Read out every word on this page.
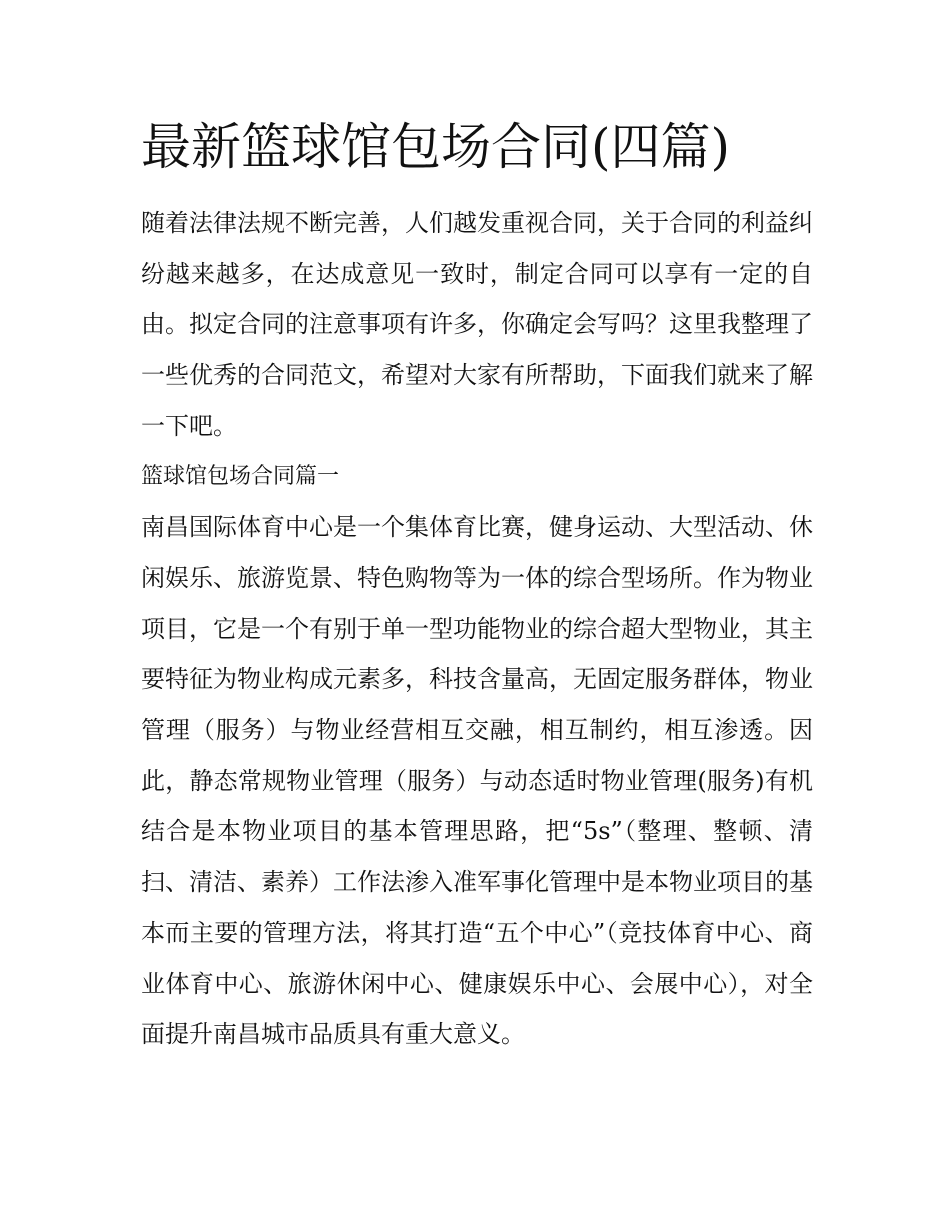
最新篮球馆包场合同(四篇)

随着法律法规不断完善，人们越发重视合同，关于合同的利益纠纷越来越多，在达成意见一致时，制定合同可以享有一定的自由。拟定合同的注意事项有许多，你确定会写吗？这里我整理了一些优秀的合同范文，希望对大家有所帮助，下面我们就来了解一下吧。

篮球馆包场合同篇一

南昌国际体育中心是一个集体育比赛，健身运动、大型活动、休闲娱乐、旅游览景、特色购物等为一体的综合型场所。作为物业项目，它是一个有别于单一型功能物业的综合超大型物业，其主要特征为物业构成元素多，科技含量高，无固定服务群体，物业管理（服务）与物业经营相互交融，相互制约，相互渗透。因此，静态常规物业管理（服务）与动态适时物业管理(服务)有机结合是本物业项目的基本管理思路，把“5s”（整理、整顿、清扫、清洁、素养）工作法渗入准军事化管理中是本物业项目的基本而主要的管理方法，将其打造“五个中心”（竞技体育中心、商业体育中心、旅游休闲中心、健康娱乐中心、会展中心），对全面提升南昌城市品质具有重大意义。
